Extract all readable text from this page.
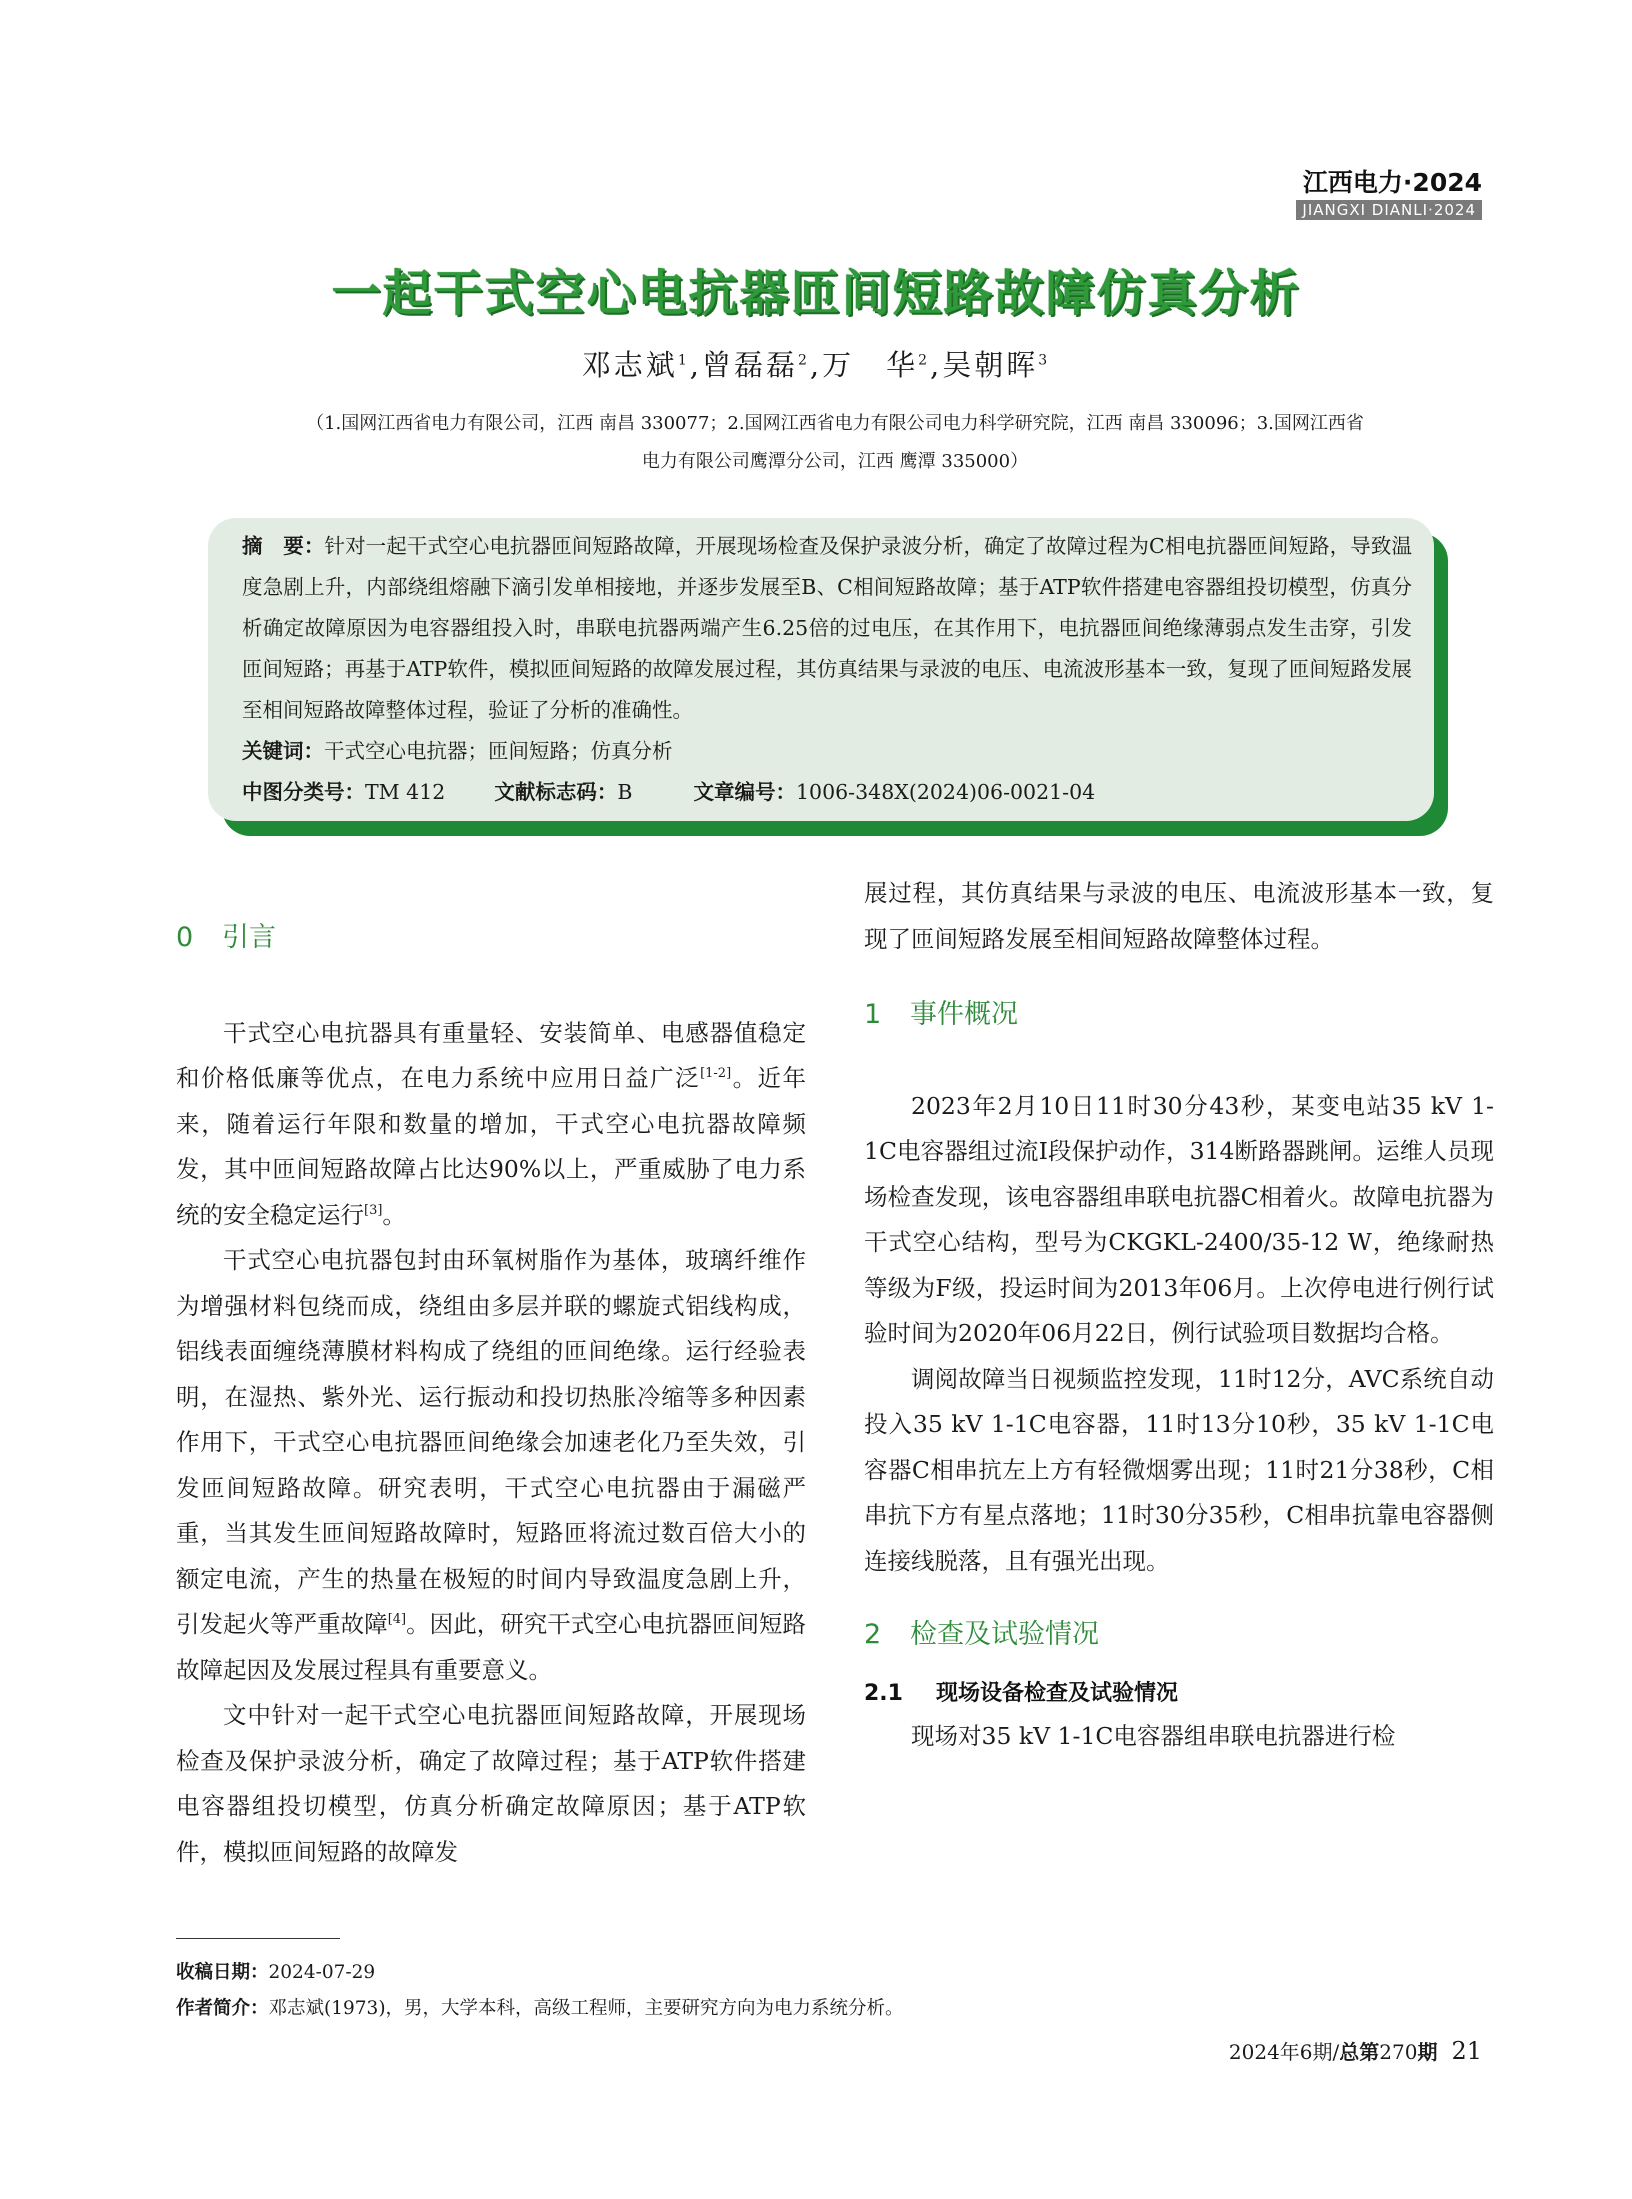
江西电力·2024
JIANGXI DIANLI·2024
一起干式空心电抗器匝间短路故障仿真分析
邓志斌$^1$,曾磊磊$^2$,万　华$^2$,吴朝晖$^3$
（1.国网江西省电力有限公司，江西 南昌 330077；2.国网江西省电力有限公司电力科学研究院，江西 南昌 330096；3.国网江西省
电力有限公司鹰潭分公司，江西 鹰潭 335000）
摘　要：针对一起干式空心电抗器匝间短路故障，开展现场检查及保护录波分析，确定了故障过程为C相电抗器匝间短路，导致温度急剧上升，内部绕组熔融下滴引发单相接地，并逐步发展至B、C相间短路故障；基于ATP软件搭建电容器组投切模型，仿真分析确定故障原因为电容器组投入时，串联电抗器两端产生6.25倍的过电压，在其作用下，电抗器匝间绝缘薄弱点发生击穿，引发匝间短路；再基于ATP软件，模拟匝间短路的故障发展过程，其仿真结果与录波的电压、电流波形基本一致，复现了匝间短路发展至相间短路故障整体过程，验证了分析的准确性。
关键词：干式空心电抗器；匝间短路；仿真分析
中图分类号：TM 412 文献标志码：B	文章编号：1006-348X(2024)06-0021-04
0 引言

干式空心电抗器具有重量轻、安装简单、电感器值稳定和价格低廉等优点，在电力系统中应用日益广泛[1-2]。近年来，随着运行年限和数量的增加，干式空心电抗器故障频发，其中匝间短路故障占比达90%以上，严重威胁了电力系统的安全稳定运行[3]。

干式空心电抗器包封由环氧树脂作为基体，玻璃纤维作为增强材料包绕而成，绕组由多层并联的螺旋式铝线构成，铝线表面缠绕薄膜材料构成了绕组的匝间绝缘。运行经验表明，在湿热、紫外光、运行振动和投切热胀冷缩等多种因素作用下，干式空心电抗器匝间绝缘会加速老化乃至失效，引发匝间短路故障。研究表明，干式空心电抗器由于漏磁严重，当其发生匝间短路故障时，短路匝将流过数百倍大小的额定电流，产生的热量在极短的时间内导致温度急剧上升，引发起火等严重故障[4]。因此，研究干式空心电抗器匝间短路故障起因及发展过程具有重要意义。

文中针对一起干式空心电抗器匝间短路故障，开展现场检查及保护录波分析，确定了故障过程；基于ATP软件搭建电容器组投切模型，仿真分析确定故障原因；基于ATP软件，模拟匝间短路的故障发

展过程，其仿真结果与录波的电压、电流波形基本一致，复现了匝间短路发展至相间短路故障整体过程。

1 事件概况

2023年2月10日11时30分43秒，某变电站35 kV 1-1C电容器组过流I段保护动作，314断路器跳闸。运维人员现场检查发现，该电容器组串联电抗器C相着火。故障电抗器为干式空心结构，型号为CKGKL-2400/35-12 W，绝缘耐热等级为F级，投运时间为2013年06月。上次停电进行例行试验时间为2020年06月22日，例行试验项目数据均合格。

调阅故障当日视频监控发现，11时12分，AVC系统自动投入35 kV 1-1C电容器，11时13分10秒，35 kV 1-1C电容器C相串抗左上方有轻微烟雾出现；11时21分38秒，C相串抗下方有星点落地；11时30分35秒，C相串抗靠电容器侧连接线脱落，且有强光出现。

2 检查及试验情况
2.1 现场设备检查及试验情况

现场对35 kV 1-1C电容器组串联电抗器进行检

收稿日期：2024-07-29
作者简介：邓志斌(1973)，男，大学本科，高级工程师，主要研究方向为电力系统分析。
2024年6期/总第270期 21
